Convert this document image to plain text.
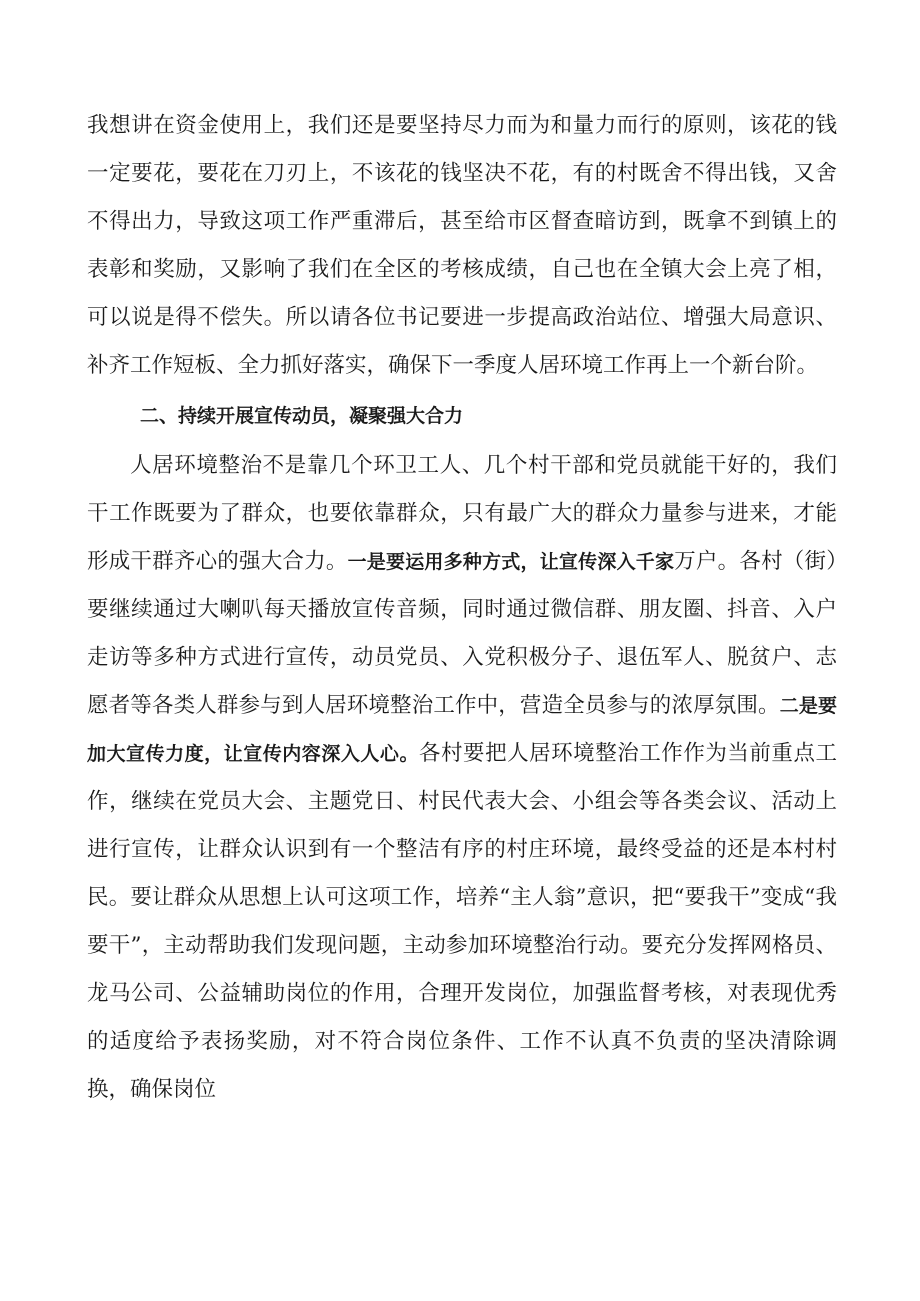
我想讲在资金使用上，我们还是要坚持尽力而为和量力而行的原则，该花的钱一定要花，要花在刀刃上，不该花的钱坚决不花，有的村既舍不得出钱，又舍不得出力，导致这项工作严重滞后，甚至给市区督查暗访到，既拿不到镇上的表彰和奖励，又影响了我们在全区的考核成绩，自己也在全镇大会上亮了相，可以说是得不偿失。所以请各位书记要进一步提高政治站位、增强大局意识、补齐工作短板、全力抓好落实，确保下一季度人居环境工作再上一个新台阶。

二、持续开展宣传动员，凝聚强大合力

人居环境整治不是靠几个环卫工人、几个村干部和党员就能干好的，我们干工作既要为了群众，也要依靠群众，只有最广大的群众力量参与进来，才能形成干群齐心的强大合力。一是要运用多种方式，让宣传深入千家万户。各村（街）要继续通过大喇叭每天播放宣传音频，同时通过微信群、朋友圈、抖音、入户走访等多种方式进行宣传，动员党员、入党积极分子、退伍军人、脱贫户、志愿者等各类人群参与到人居环境整治工作中，营造全员参与的浓厚氛围。二是要加大宣传力度，让宣传内容深入人心。各村要把人居环境整治工作作为当前重点工作，继续在党员大会、主题党日、村民代表大会、小组会等各类会议、活动上进行宣传，让群众认识到有一个整洁有序的村庄环境，最终受益的还是本村村民。要让群众从思想上认可这项工作，培养“主人翁”意识，把“要我干”变成“我要干”，主动帮助我们发现问题，主动参加环境整治行动。要充分发挥网格员、龙马公司、公益辅助岗位的作用，合理开发岗位，加强监督考核，对表现优秀的适度给予表扬奖励，对不符合岗位条件、工作不认真不负责的坚决清除调换，确保岗位
